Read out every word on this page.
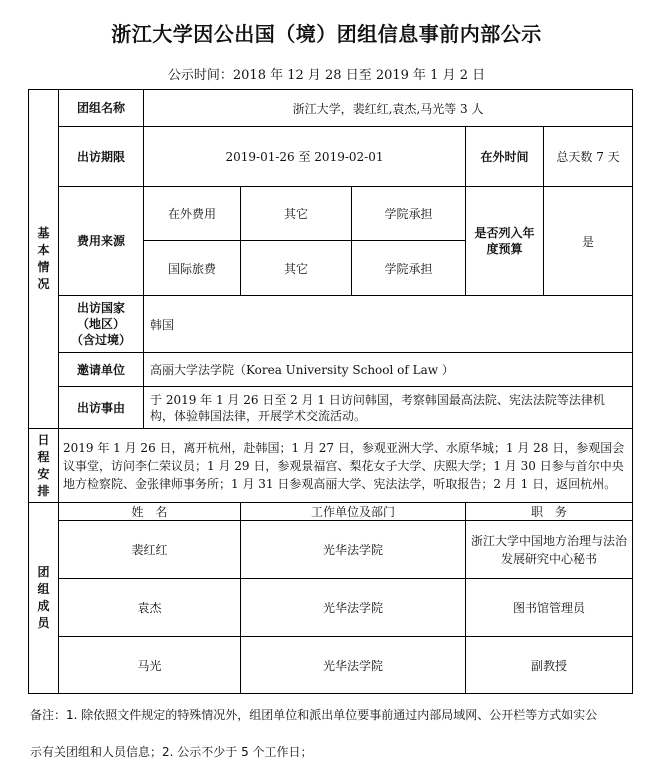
浙江大学因公出国（境）团组信息事前内部公示
公示时间：2018 年 12 月 28 日至 2019 年 1 月 2 日
基本情况	团组名称	浙江大学，裴红红,袁杰,马光等 3 人				
	出访期限	2019-01-26 至 2019-02-01			在外时间	总天数 7 天
	费用来源	在外费用	其它	学院承担	是否列入年度预算	是
		国际旅费	其它	学院承担		

	出访国家（地区）（含过境）	韩国				
	邀请单位	高丽大学法学院（Korea University School of Law ）				
	出访事由	于 2019 年 1 月 26 日至 2 月 1 日访问韩国，考察韩国最高法院、宪法法院等法律机构，体验韩国法律，开展学术交流活动。				

日程安排	2019 年 1 月 26 日，离开杭州，赴韩国；1 月 27 日，参观亚洲大学、水原华城；1 月 28 日，参观国会议事堂，访问李仁荣议员；1 月 29 日，参观景福宫、梨花女子大学、庆熙大学；1 月 30 日参与首尔中央地方检察院、金张律师事务所；1 月 31 日参观高丽大学、宪法法学，听取报告；2 月 1 日，返回杭州。					

团组成员	姓　名		工作单位及部门		职　务	
	裴红红		光华法学院		浙江大学中国地方治理与法治发展研究中心秘书	
	袁杰		光华法学院		图书馆管理员	
	马光		光华法学院		副教授	
备注：1. 除依照文件规定的特殊情况外，组团单位和派出单位要事前通过内部局域网、公开栏等方式如实公
示有关团组和人员信息；2. 公示不少于 5 个工作日；
